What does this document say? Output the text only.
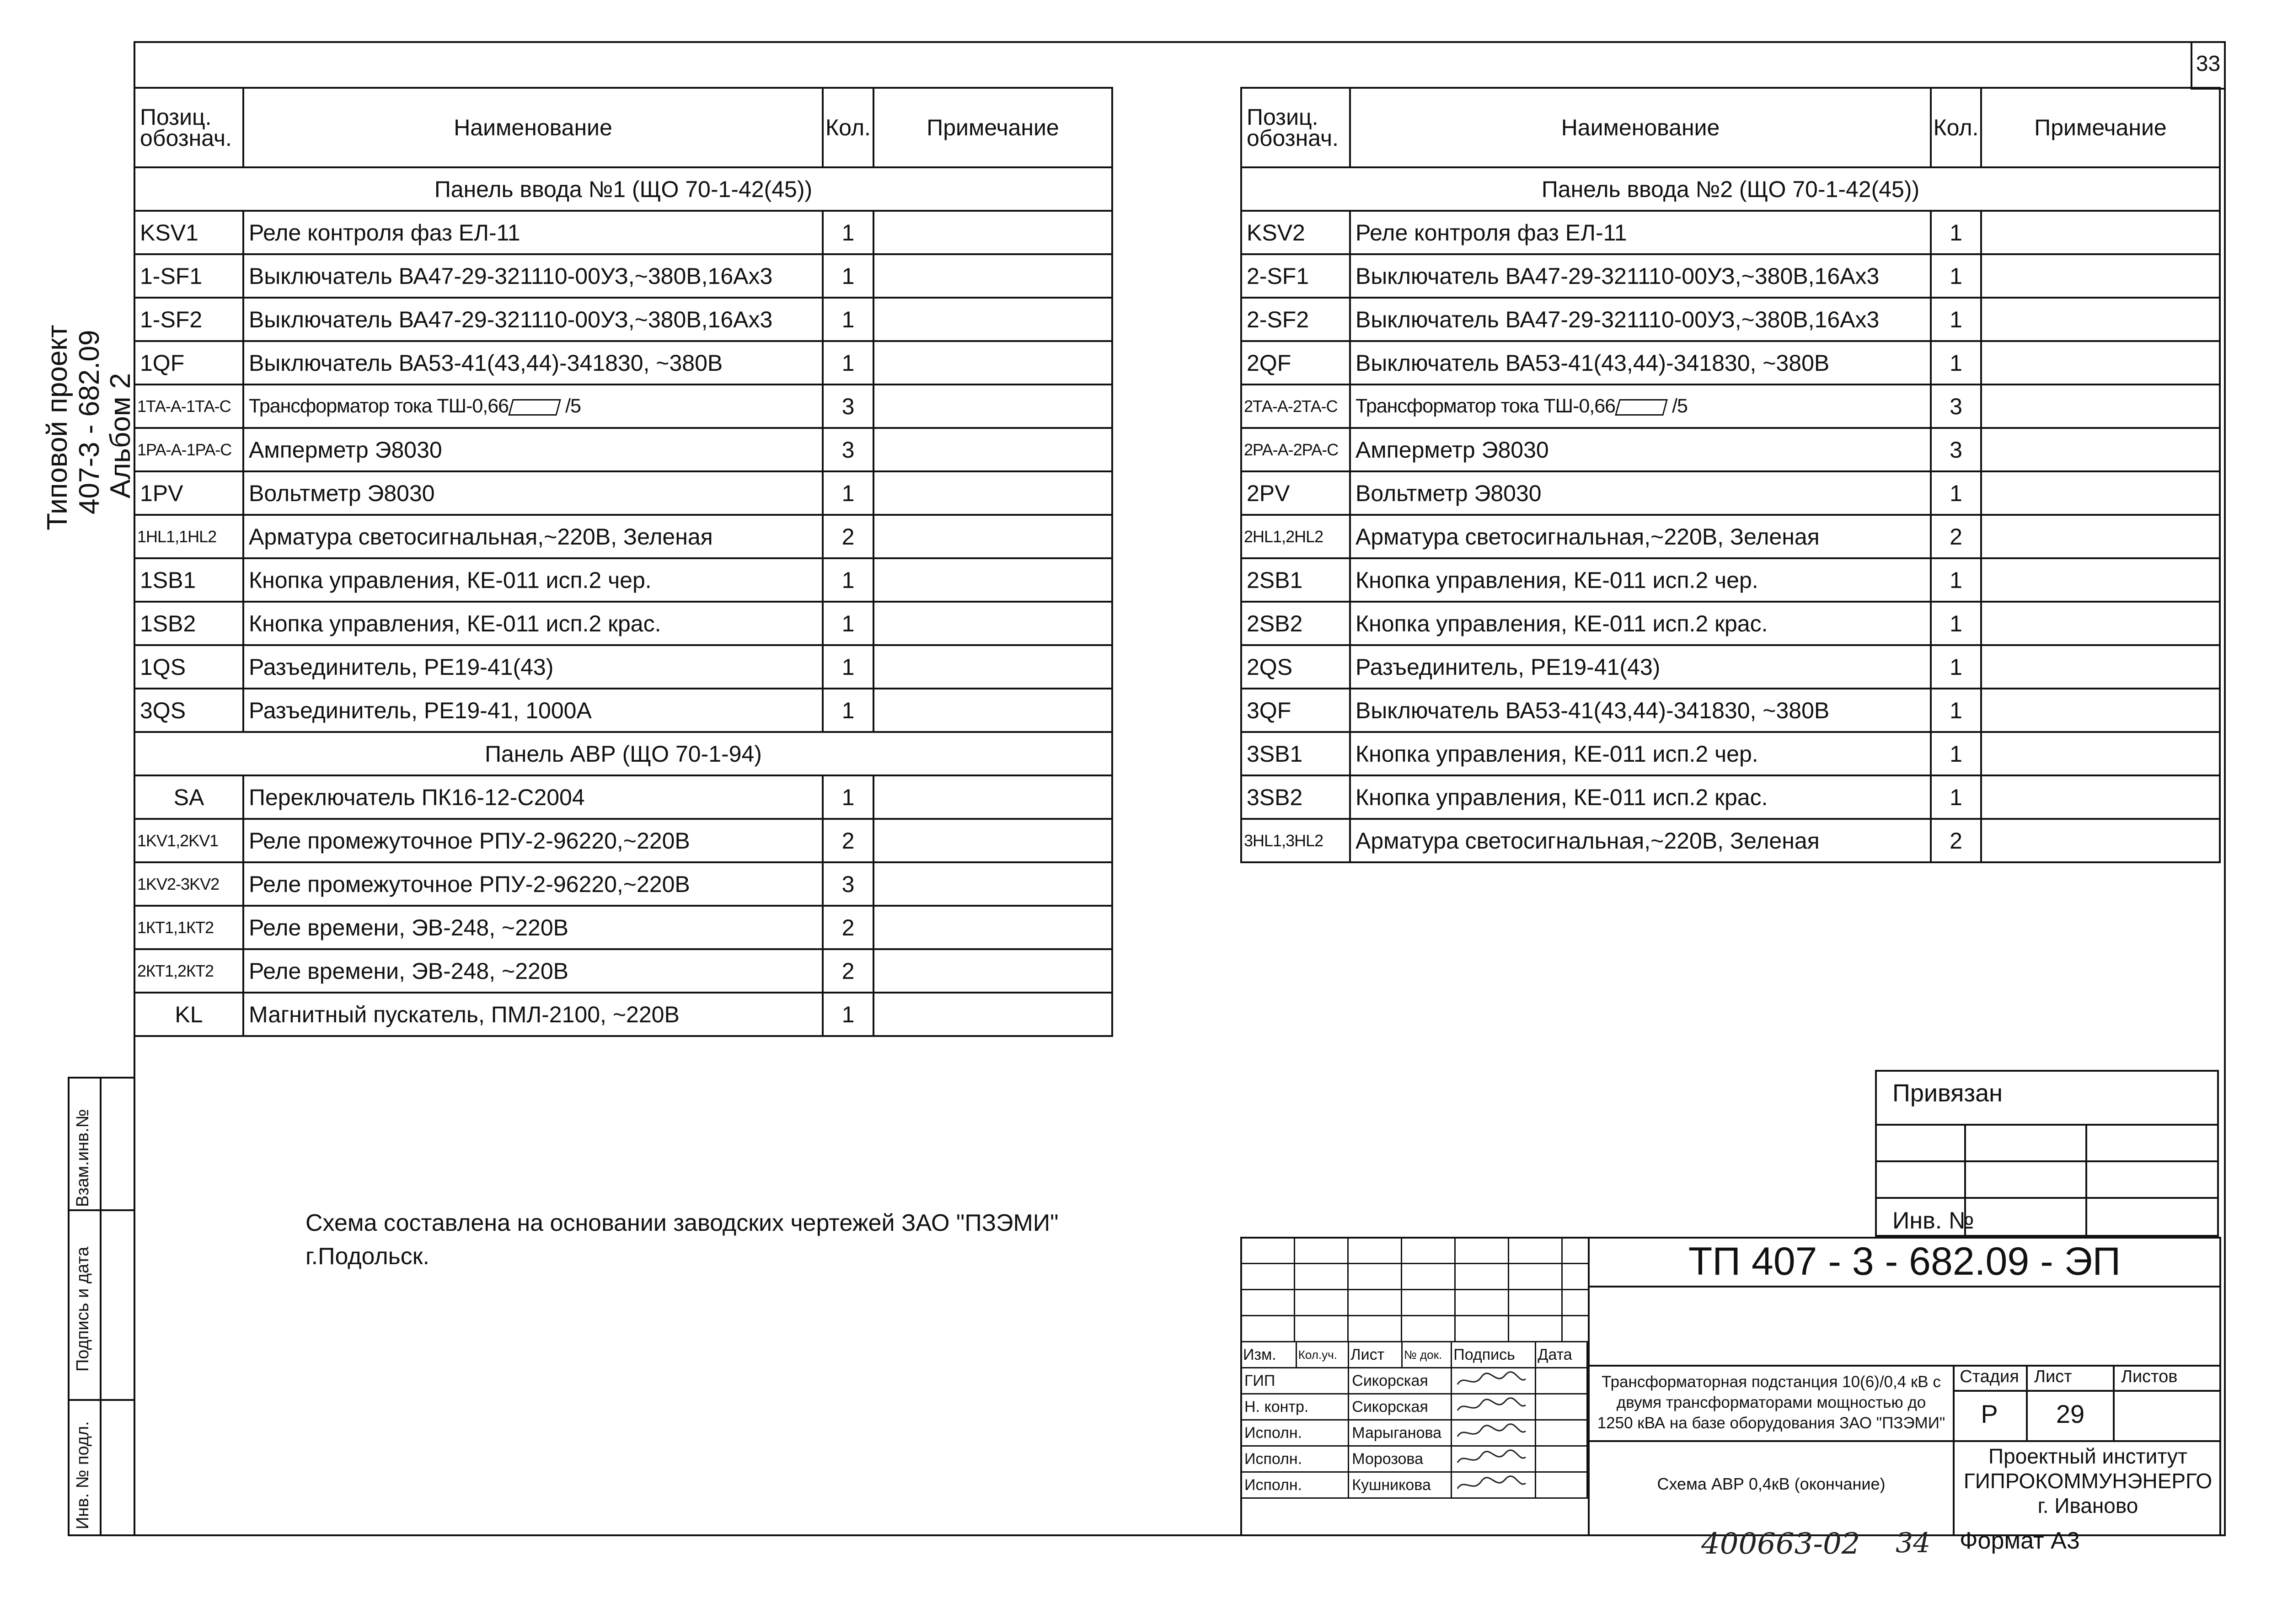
33
Типовой проект 407-3 - 682.09 Альбом 2
Взам.инв.№
Подпись и дата
Инв. № подл.
Позиц.
обознач.	Наименование	Кол.	Примечание
Панель ввода №1 (ЩО 70-1-42(45))			
KSV1	Реле контроля фаз ЕЛ-11	1	
1-SF1	Выключатель ВА47-29-321110-00УЗ,~380В,16Ах3	1	
1-SF2	Выключатель ВА47-29-321110-00УЗ,~380В,16Ах3	1	
1QF	Выключатель ВА53-41(43,44)-341830, ~380В	1	
1ТА-А-1ТА-С	Трансформатор тока ТШ-0,66 /5	3	
1РА-А-1РА-С	Амперметр Э8030	3	
1PV	Вольтметр Э8030	1	
1HL1,1HL2	Арматура светосигнальная,~220В, Зеленая	2	
1SB1	Кнопка управления, КЕ-011 исп.2 чер.	1	
1SB2	Кнопка управления, КЕ-011 исп.2 крас.	1	
1QS	Разъединитель, РЕ19-41(43)	1	
3QS	Разъединитель, РЕ19-41, 1000А	1	
Панель АВР (ЩО 70-1-94)			
SA	Переключатель ПК16-12-С2004	1	
1KV1,2KV1	Реле промежуточное РПУ-2-96220,~220В	2	
1KV2-3KV2	Реле промежуточное РПУ-2-96220,~220В	3	
1КТ1,1КТ2	Реле времени, ЭВ-248, ~220В	2	
2КТ1,2КТ2	Реле времени, ЭВ-248, ~220В	2	
KL	Магнитный пускатель, ПМЛ-2100, ~220В	1	
Позиц.
обознач.	Наименование	Кол.	Примечание
Панель ввода №2 (ЩО 70-1-42(45))			
KSV2	Реле контроля фаз ЕЛ-11	1	
2-SF1	Выключатель ВА47-29-321110-00УЗ,~380В,16Ах3	1	
2-SF2	Выключатель ВА47-29-321110-00УЗ,~380В,16Ах3	1	
2QF	Выключатель ВА53-41(43,44)-341830, ~380В	1	
2ТА-А-2ТА-С	Трансформатор тока ТШ-0,66 /5	3	
2РА-А-2РА-С	Амперметр Э8030	3	
2PV	Вольтметр Э8030	1	
2HL1,2HL2	Арматура светосигнальная,~220В, Зеленая	2	
2SB1	Кнопка управления, КЕ-011 исп.2 чер.	1	
2SB2	Кнопка управления, КЕ-011 исп.2 крас.	1	
2QS	Разъединитель, РЕ19-41(43)	1	
3QF	Выключатель ВА53-41(43,44)-341830, ~380В	1	
3SB1	Кнопка управления, КЕ-011 исп.2 чер.	1	
3SB2	Кнопка управления, КЕ-011 исп.2 крас.	1	
3HL1,3HL2	Арматура светосигнальная,~220В, Зеленая	2	
Схема составлена на основании заводских чертежей ЗАО "ПЗЭМИ"
г.Подольск.
Привязан
Инв. №

Изм.	Кол.уч.	Лист	№ док.	Подпись	Дата
ГИП		Сикорская		
Н. контр.		Сикорская		
Исполн.		Марыганова		
Исполн.		Морозова		
Исполн.		Кушникова		
ТП 407 - 3 - 682.09 - ЭП
Трансформаторная подстанция 10(6)/0,4 кВ с
двумя трансформаторами мощностью до
1250 кВА на базе оборудования ЗАО "ПЗЭМИ"
Схема АВР 0,4кВ (окончание)
Стадия Лист	Листов
Р	29
Проектный институт
ГИПРОКОММУНЭНЕРГО
г. Иваново
400663-02 34 Формат А3
